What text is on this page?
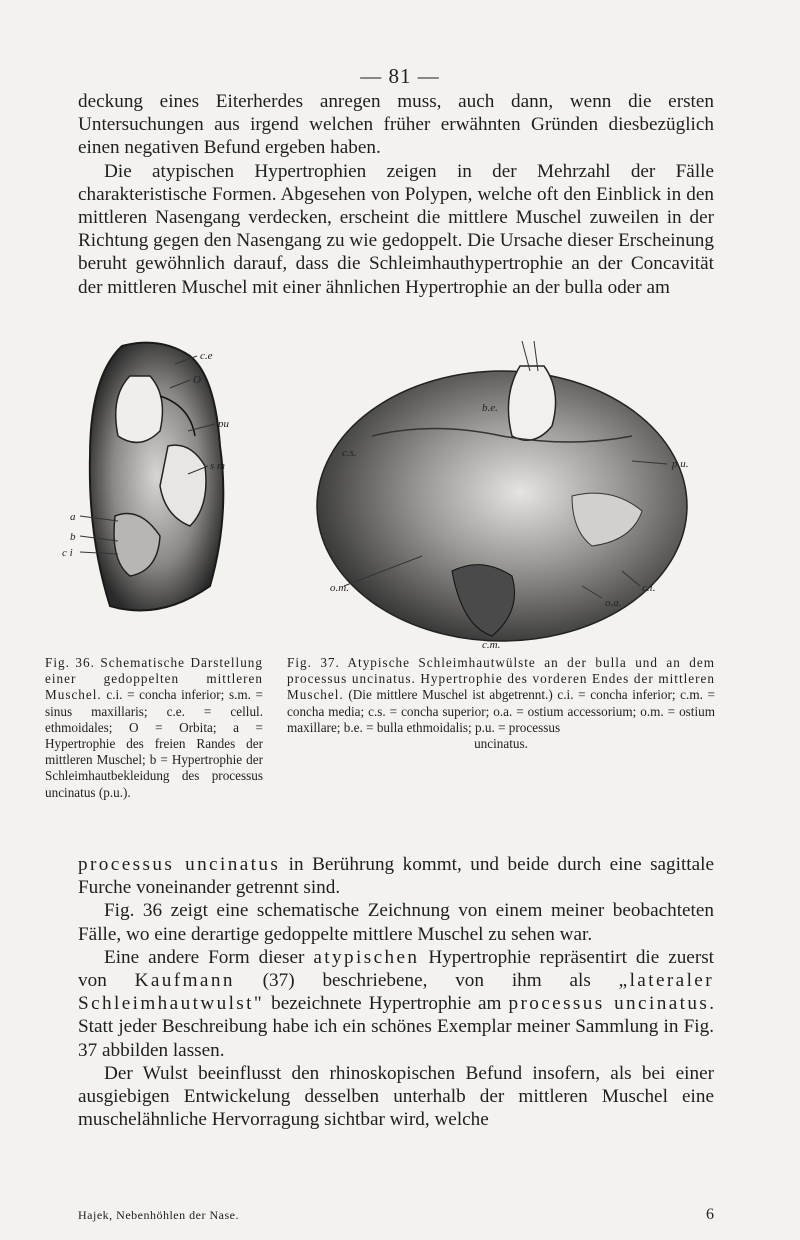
— 81 —

deckung eines Eiterherdes anregen muss, auch dann, wenn die ersten Untersuchungen aus irgend welchen früher erwähnten Gründen diesbezüglich einen negativen Befund ergeben haben.

Die atypischen Hypertrophien zeigen in der Mehrzahl der Fälle charakteristische Formen. Abgesehen von Polypen, welche oft den Einblick in den mittleren Nasengang verdecken, erscheint die mittlere Muschel zuweilen in der Richtung gegen den Nasengang zu wie gedoppelt. Die Ursache dieser Erscheinung beruht gewöhnlich darauf, dass die Schleimhauthypertrophie an der Concavität der mittleren Muschel mit einer ähnlichen Hypertrophie an der bulla oder am

c.e
O
pu
s m
a
b
c i
b.e.
c.s.
p.u.
o.m.
o.a.
c.i.
c.m.
Fig. 36. Schematische Darstellung einer gedoppelten mittleren Muschel. c.i. = concha inferior; s.m. = sinus maxillaris; c.e. = cellul. ethmoidales; O = Orbita; a = Hypertrophie des freien Randes der mittleren Muschel; b = Hypertrophie der Schleimhautbekleidung des processus uncinatus (p.u.).
Fig. 37. Atypische Schleimhautwülste an der bulla und an dem processus uncinatus. Hypertrophie des vorderen Endes der mittleren Muschel. (Die mittlere Muschel ist abgetrennt.) c.i. = concha inferior; c.m. = concha media; c.s. = concha superior; o.a. = ostium accessorium; o.m. = ostium maxillare; b.e. = bulla ethmoidalis; p.u. = processus
uncinatus.

processus uncinatus in Berührung kommt, und beide durch eine sagittale Furche voneinander getrennt sind.

Fig. 36 zeigt eine schematische Zeichnung von einem meiner beobachteten Fälle, wo eine derartige gedoppelte mittlere Muschel zu sehen war.

Eine andere Form dieser atypischen Hypertrophie repräsentirt die zuerst von Kaufmann (37) beschriebene, von ihm als „lateraler Schleimhautwulst" bezeichnete Hypertrophie am processus uncinatus. Statt jeder Beschreibung habe ich ein schönes Exemplar meiner Sammlung in Fig. 37 abbilden lassen.

Der Wulst beeinflusst den rhinoskopischen Befund insofern, als bei einer ausgiebigen Entwickelung desselben unterhalb der mittleren Muschel eine muschelähnliche Hervorragung sichtbar wird, welche

Hajek, Nebenhöhlen der Nase.	6
